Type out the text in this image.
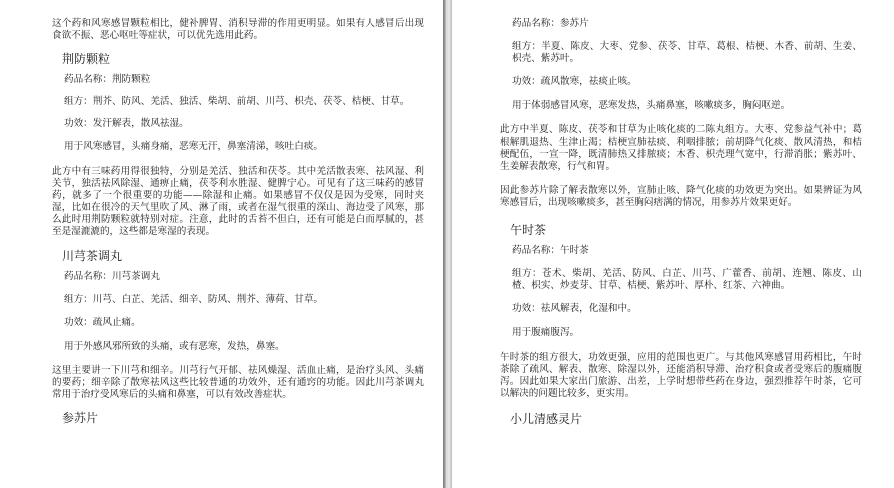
这个药和风寒感冒颗粒相比，健补脾胃、消积导滞的作用更明显。如果有人感冒后出现食欲不振、恶心呕吐等症状，可以优先选用此药。

荆防颗粒

药品名称：荆防颗粒

组方：荆芥、防风、羌活、独活、柴胡、前胡、川芎、枳壳、茯苓、桔梗、甘草。

功效：发汗解表，散风祛湿。

用于风寒感冒，头痛身痛，恶寒无汗，鼻塞清涕，咳吐白痰。

此方中有三味药用得很独特，分别是羌活、独活和茯苓。其中羌活散表寒、祛风湿、利关节，独活祛风除湿、通痹止痛，茯苓利水胜湿、健脾宁心。可见有了这三味药的感冒药，就多了一个很重要的功能——除湿和止痛。如果感冒不仅仅是因为受寒，同时夹湿，比如在很冷的天气里吹了风、淋了雨，或者在湿气很重的深山、海边受了风寒，那么此时用荆防颗粒就特别对症。注意，此时的舌苔不但白，还有可能是白而厚腻的，甚至是湿漉漉的，这些都是寒湿的表现。

川芎茶调丸

药品名称：川芎茶调丸

组方：川芎、白芷、羌活、细辛、防风、荆芥、薄荷、甘草。

功效：疏风止痛。

用于外感风邪所致的头痛，或有恶寒，发热，鼻塞。

这里主要讲一下川芎和细辛。川芎行气开郁、祛风燥湿、活血止痛，是治疗头风、头痛的要药；细辛除了散寒祛风这些比较普通的功效外，还有通窍的功能。因此川芎茶调丸常用于治疗受风寒后的头痛和鼻塞，可以有效改善症状。

参苏片

药品名称：参苏片

组方：半夏、陈皮、大枣、党参、茯苓、甘草、葛根、桔梗、木香、前胡、生姜、枳壳、紫苏叶。

功效：疏风散寒，祛痰止咳。

用于体弱感冒风寒，恶寒发热，头痛鼻塞，咳嗽痰多，胸闷呕逆。

此方中半夏、陈皮、茯苓和甘草为止咳化痰的二陈丸组方。大枣、党参益气补中；葛根解肌退热、生津止渴；桔梗宣肺祛痰、利咽排脓；前胡降气化痰、散风清热，和桔梗配伍，一宣一降，既清肺热又排脓痰；木香、枳壳理气宽中，行滞消胀；紫苏叶、生姜解表散寒，行气和胃。

因此参苏片除了解表散寒以外，宣肺止咳、降气化痰的功效更为突出。如果辨证为风寒感冒后，出现咳嗽痰多，甚至胸闷痞满的情况，用参苏片效果更好。

午时茶

药品名称：午时茶

组方：苍术、柴胡、羌活、防风、白芷、川芎、广藿香、前胡、连翘、陈皮、山楂、枳实、炒麦芽、甘草、桔梗、紫苏叶、厚朴、红茶、六神曲。

功效：祛风解表，化湿和中。

用于腹痛腹泻。

午时茶的组方很大，功效更强，应用的范围也更广。与其他风寒感冒用药相比，午时茶除了疏风、解表、散寒、除湿以外，还能消积导滞、治疗积食或者受寒后的腹痛腹泻。因此如果大家出门旅游、出差，上学时想带些药在身边，强烈推荐午时茶，它可以解决的问题比较多，更实用。

小儿清感灵片
